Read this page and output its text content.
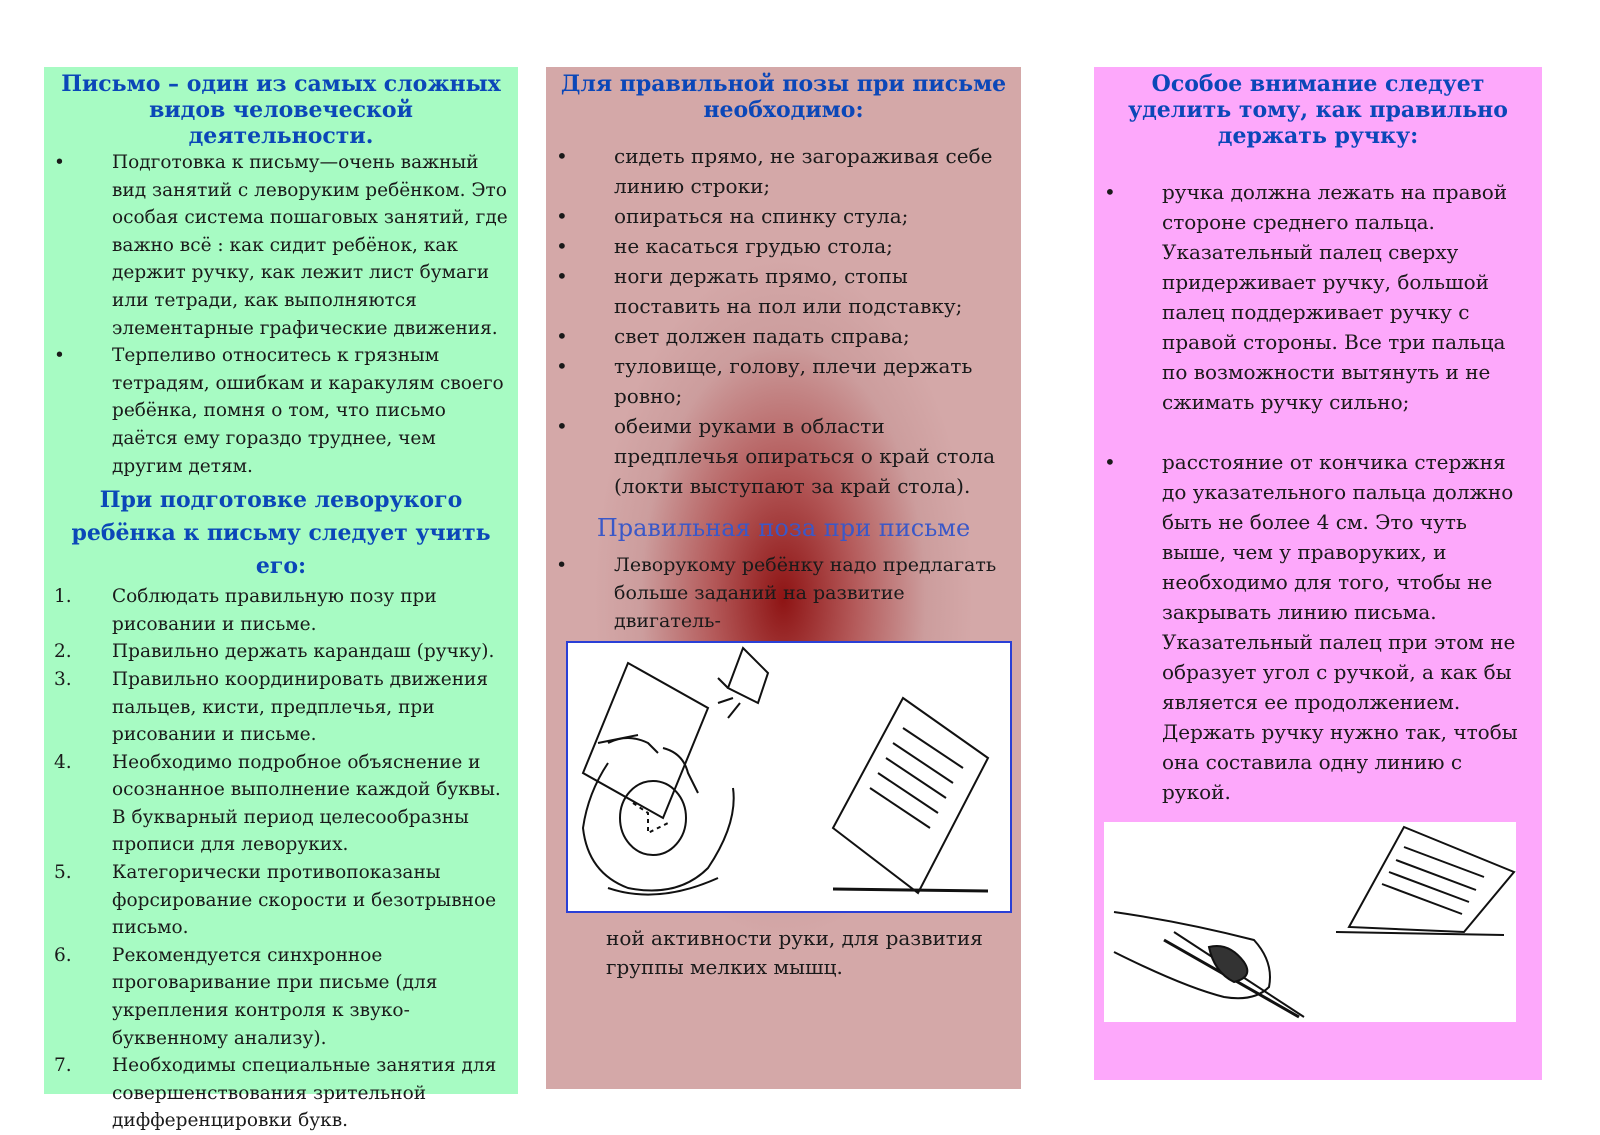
Письмо – один из самых сложных видов человеческой деятельности.
•
Подготовка к письму—очень важный вид занятий с леворуким ребёнком. Это особая система пошаговых занятий, где важно всё : как сидит ребёнок, как держит ручку, как лежит лист бумаги или тетради, как выполняются элементарные графические движения.
•
Терпеливо относитесь к грязным тетрадям, ошибкам и каракулям своего ребёнка, помня о том, что письмо даётся ему гораздо труднее, чем другим детям.
При подготовке леворукого ребёнка к письму следует учить его:
1. Соблюдать правильную позу при рисовании и письме.
2. Правильно держать карандаш (ручку).
3. Правильно координировать движения пальцев, кисти, предплечья, при рисовании и письме.
4. Необходимо подробное объяснение и осознанное выполнение каждой буквы. В букварный период целесообразны прописи для леворуких.
5. Категорически противопоказаны форсирование скорости и безотрывное письмо.
6. Рекомендуется синхронное проговаривание при письме (для укрепления контроля к звуко-буквенному анализу).
7. Необходимы специальные занятия для совершенствования зрительной дифференцировки букв.
Для правильной позы при письме необходимо:
•
сидеть прямо, не загораживая себе линию строки;
•
опираться на спинку стула;
•
не касаться грудью стола;
•
ноги держать прямо, стопы поставить на пол или подставку;
•
свет должен падать справа;
•
туловище, голову, плечи держать ровно;
•
обеими руками в области предплечья опираться о край стола (локти выступают за край стола).
Правильная поза при письме
•
Леворукому ребёнку надо предлагать больше заданий на развитие двигатель-
ной активности руки, для развития группы мелких мышц.
Особое внимание следует уделить тому, как правильно держать ручку:
•
ручка должна лежать на правой стороне среднего пальца. Указательный палец сверху придерживает ручку, большой палец поддерживает ручку с правой стороны. Все три пальца по возможности вытянуть и не сжимать ручку сильно;
•
расстояние от кончика стержня до указательного пальца должно быть не более 4 см. Это чуть выше, чем у праворуких, и необходимо для того, чтобы не закрывать линию письма. Указательный палец при этом не образует угол с ручкой, а как бы является ее продолжением. Держать ручку нужно так, чтобы она составила одну линию с рукой.
